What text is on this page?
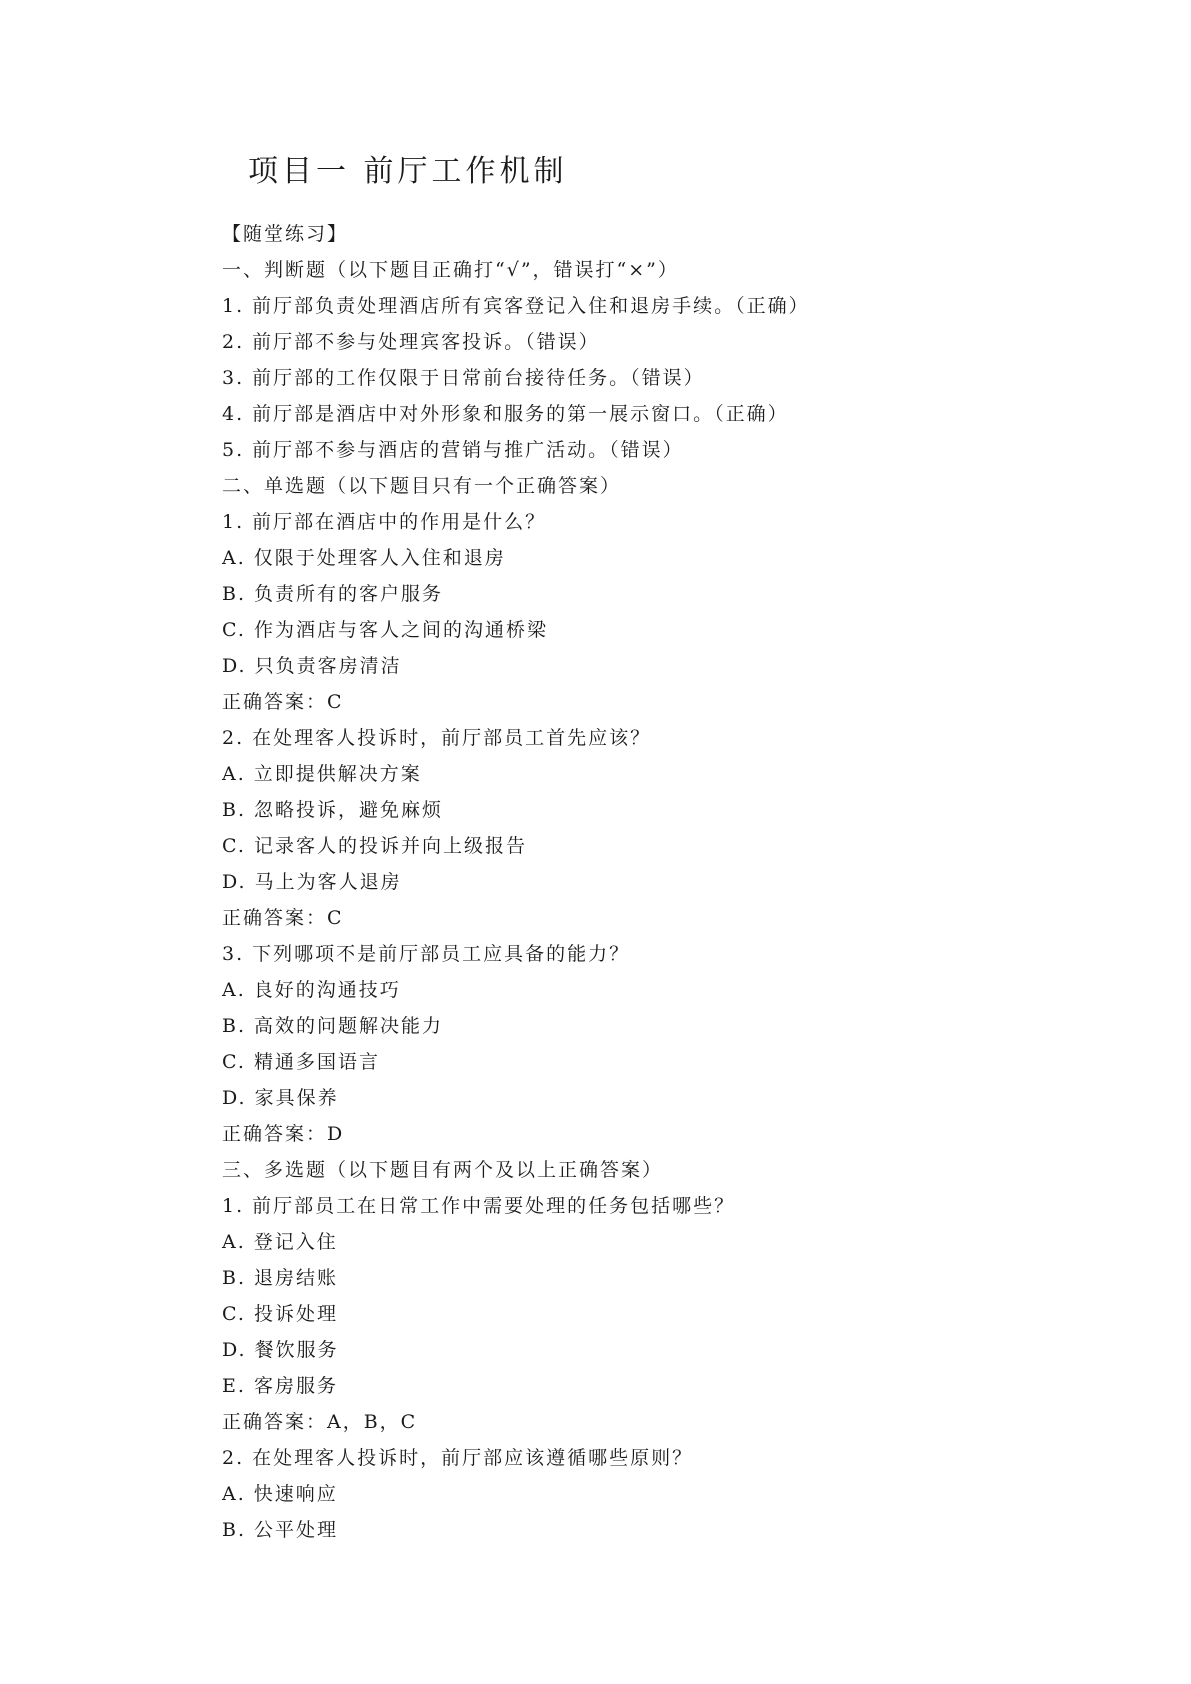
项目一 前厅工作机制
【随堂练习】
一、判断题（以下题目正确打“√”，错误打“×”）
1. 前厅部负责处理酒店所有宾客登记入住和退房手续。（正确）
2. 前厅部不参与处理宾客投诉。（错误）
3. 前厅部的工作仅限于日常前台接待任务。（错误）
4. 前厅部是酒店中对外形象和服务的第一展示窗口。（正确）
5. 前厅部不参与酒店的营销与推广活动。（错误）
二、单选题（以下题目只有一个正确答案）
1. 前厅部在酒店中的作用是什么？
A. 仅限于处理客人入住和退房
B. 负责所有的客户服务
C. 作为酒店与客人之间的沟通桥梁
D. 只负责客房清洁
正确答案：C
2. 在处理客人投诉时，前厅部员工首先应该？
A. 立即提供解决方案
B. 忽略投诉，避免麻烦
C. 记录客人的投诉并向上级报告
D. 马上为客人退房
正确答案：C
3. 下列哪项不是前厅部员工应具备的能力？
A. 良好的沟通技巧
B. 高效的问题解决能力
C. 精通多国语言
D. 家具保养
正确答案：D
三、多选题（以下题目有两个及以上正确答案）
1. 前厅部员工在日常工作中需要处理的任务包括哪些？
A. 登记入住
B. 退房结账
C. 投诉处理
D. 餐饮服务
E. 客房服务
正确答案：A，B，C
2. 在处理客人投诉时，前厅部应该遵循哪些原则？
A. 快速响应
B. 公平处理
